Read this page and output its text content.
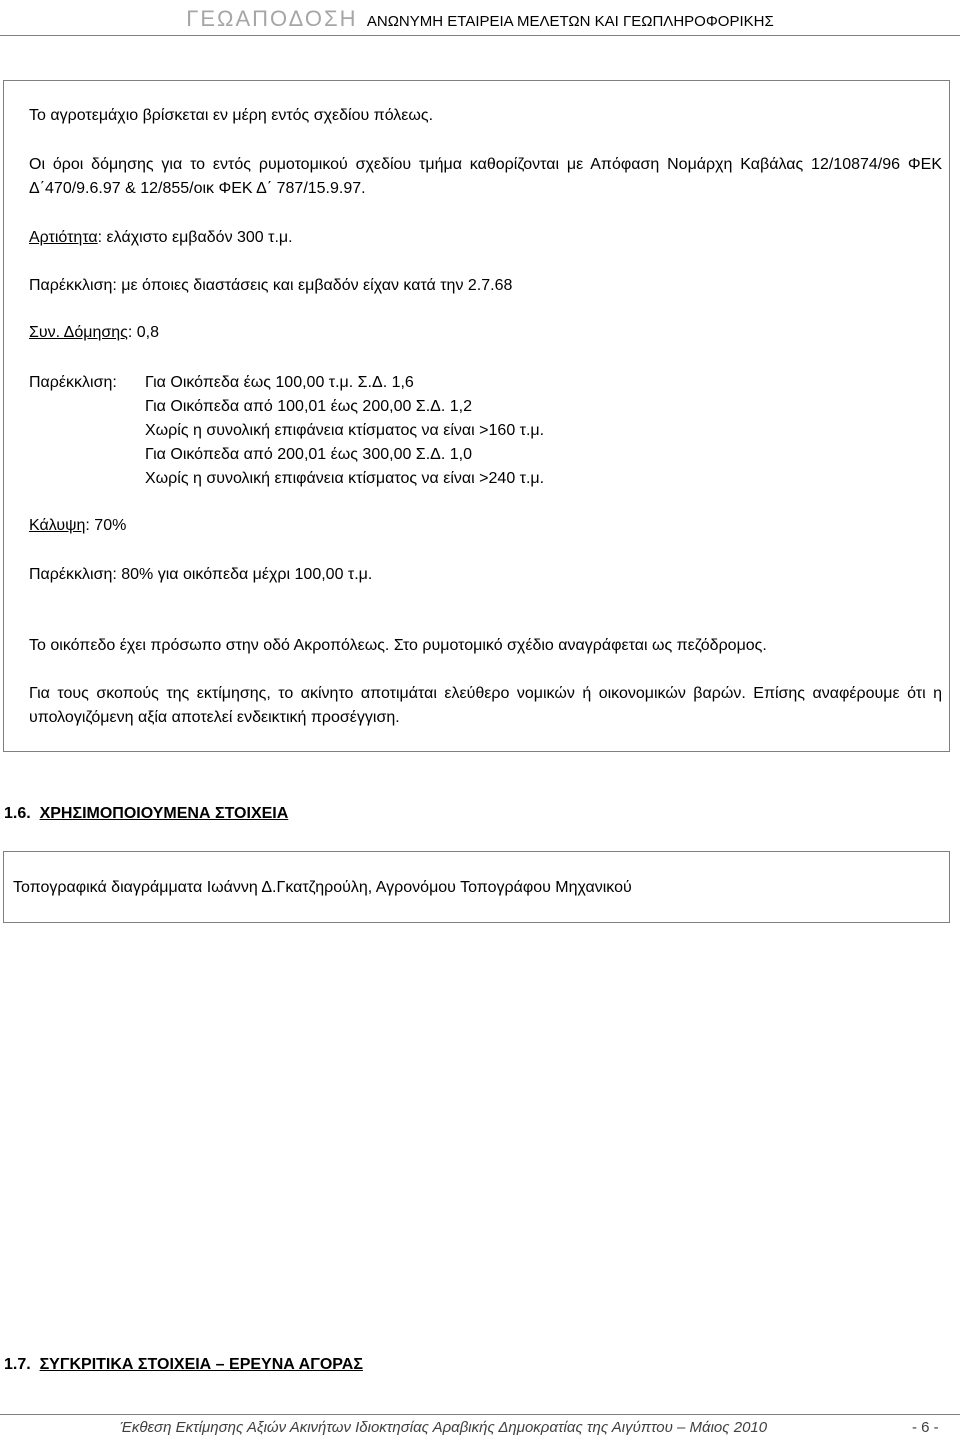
ΓΕΩΑΠΟΔΟΣΗ ΑΝΩΝΥΜΗ ΕΤΑΙΡΕΙΑ ΜΕΛΕΤΩΝ ΚΑΙ ΓΕΩΠΛΗΡΟΦΟΡΙΚΗΣ
Το αγροτεμάχιο βρίσκεται εν μέρη εντός σχεδίου πόλεως.
Οι όροι δόμησης για το εντός ρυμοτομικού σχεδίου τμήμα καθορίζονται με Απόφαση Νομάρχη Καβάλας 12/10874/96 ΦΕΚ Δ΄470/9.6.97 & 12/855/οικ ΦΕΚ Δ΄ 787/15.9.97.
Αρτιότητα: ελάχιστο εμβαδόν 300 τ.μ.
Παρέκκλιση: με όποιες διαστάσεις και εμβαδόν είχαν κατά την 2.7.68
Συν. Δόμησης: 0,8
Παρέκκλιση: Για Οικόπεδα έως 100,00 τ.μ. Σ.Δ. 1,6
Για Οικόπεδα από 100,01 έως 200,00 Σ.Δ. 1,2
Χωρίς η συνολική επιφάνεια κτίσματος να είναι >160 τ.μ.
Για Οικόπεδα από 200,01 έως 300,00 Σ.Δ. 1,0
Χωρίς η συνολική επιφάνεια κτίσματος να είναι >240 τ.μ.
Κάλυψη: 70%
Παρέκκλιση: 80% για οικόπεδα μέχρι 100,00 τ.μ.
Το οικόπεδο έχει πρόσωπο στην οδό Ακροπόλεως. Στο ρυμοτομικό σχέδιο αναγράφεται ως πεζόδρομος.
Για τους σκοπούς της εκτίμησης, το ακίνητο αποτιμάται ελεύθερο νομικών ή οικονομικών βαρών. Επίσης αναφέρουμε ότι η υπολογιζόμενη αξία αποτελεί ενδεικτική προσέγγιση.
1.6. ΧΡΗΣΙΜΟΠΟΙΟΥΜΕΝΑ ΣΤΟΙΧΕΙΑ
Τοπογραφικά διαγράμματα Ιωάννη Δ.Γκατζηρούλη, Αγρονόμου Τοπογράφου Μηχανικού
1.7. ΣΥΓΚΡΙΤΙΚΑ ΣΤΟΙΧΕΙΑ – ΕΡΕΥΝΑ ΑΓΟΡΑΣ
Έκθεση Εκτίμησης Αξιών Ακινήτων Ιδιοκτησίας Αραβικής Δημοκρατίας της Αιγύπτου – Μάιος 2010	- 6 -
